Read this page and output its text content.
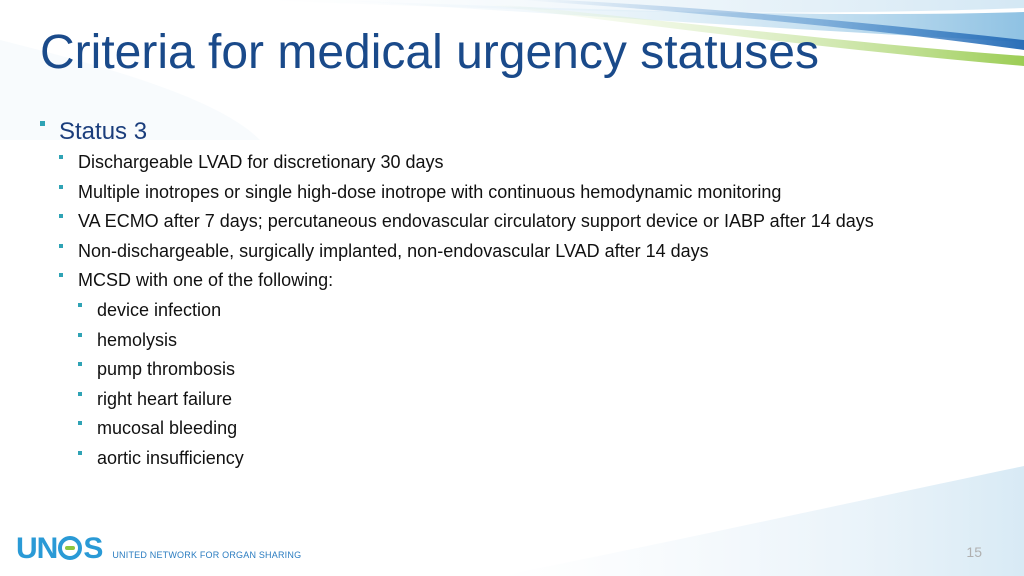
Criteria for medical urgency statuses
Status 3
Dischargeable LVAD for discretionary 30 days
Multiple inotropes or single high-dose inotrope with continuous hemodynamic monitoring
VA ECMO after 7 days; percutaneous endovascular circulatory support device or IABP after 14 days
Non-dischargeable, surgically implanted, non-endovascular LVAD after 14 days
MCSD with one of the following:
device infection
hemolysis
pump thrombosis
right heart failure
mucosal bleeding
aortic insufficiency
UN S UNITED NETWORK FOR ORGAN SHARING	15
